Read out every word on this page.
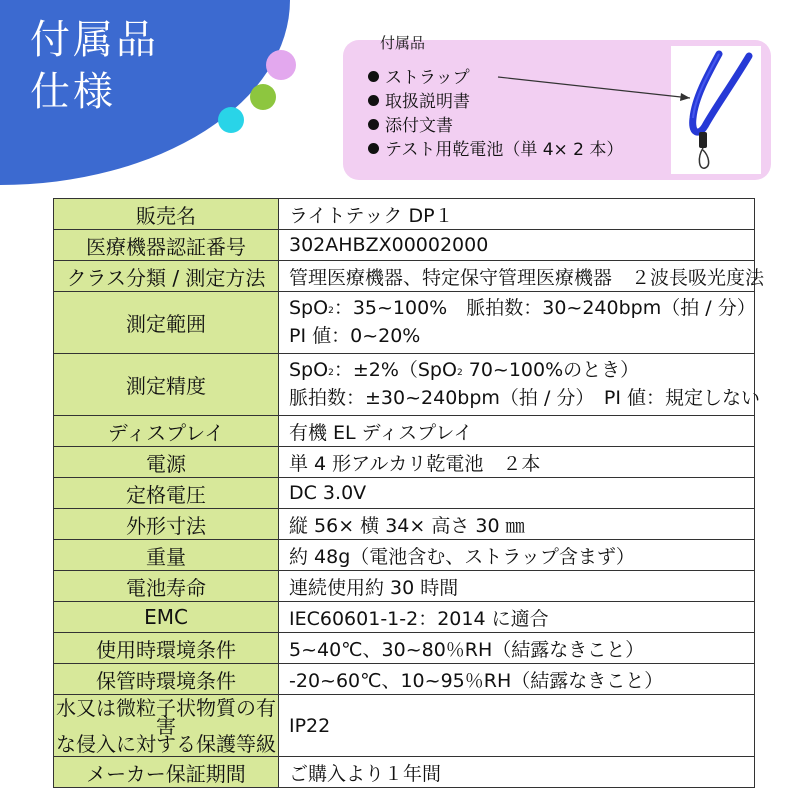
付属品
仕様
付属品
ストラップ
取扱説明書
添付文書
テスト用乾電池（単 4× 2 本）
販売名	ライトテック DP１
医療機器認証番号	302AHBZX00002000
クラス分類 / 測定方法	管理医療機器、特定保守管理医療機器　２波長吸光度法
測定範囲	SpO2：35~100%　脈拍数：30~240bpm（拍 / 分）
PI 値：0~20%

測定精度	SpO2：±2%（SpO2 70~100%のとき）
脈拍数：±30~240bpm（拍 / 分）　PI 値：規定しない

ディスプレイ	有機 EL ディスプレイ
電源	単 4 形アルカリ乾電池　２本
定格電圧	DC 3.0V
外形寸法	縦 56× 横 34× 高さ 30 ㎜
重量	約 48g（電池含む、ストラップ含まず）
電池寿命	連続使用約 30 時間
EMC	IEC60601-1-2：2014 に適合
使用時環境条件	5~40℃、30~80％RH（結露なきこと）
保管時環境条件	-20~60℃、10~95％RH（結露なきこと）

水又は微粒子状物質の有害
な侵入に対する保護等級	IP22
メーカー保証期間	ご購入より１年間
